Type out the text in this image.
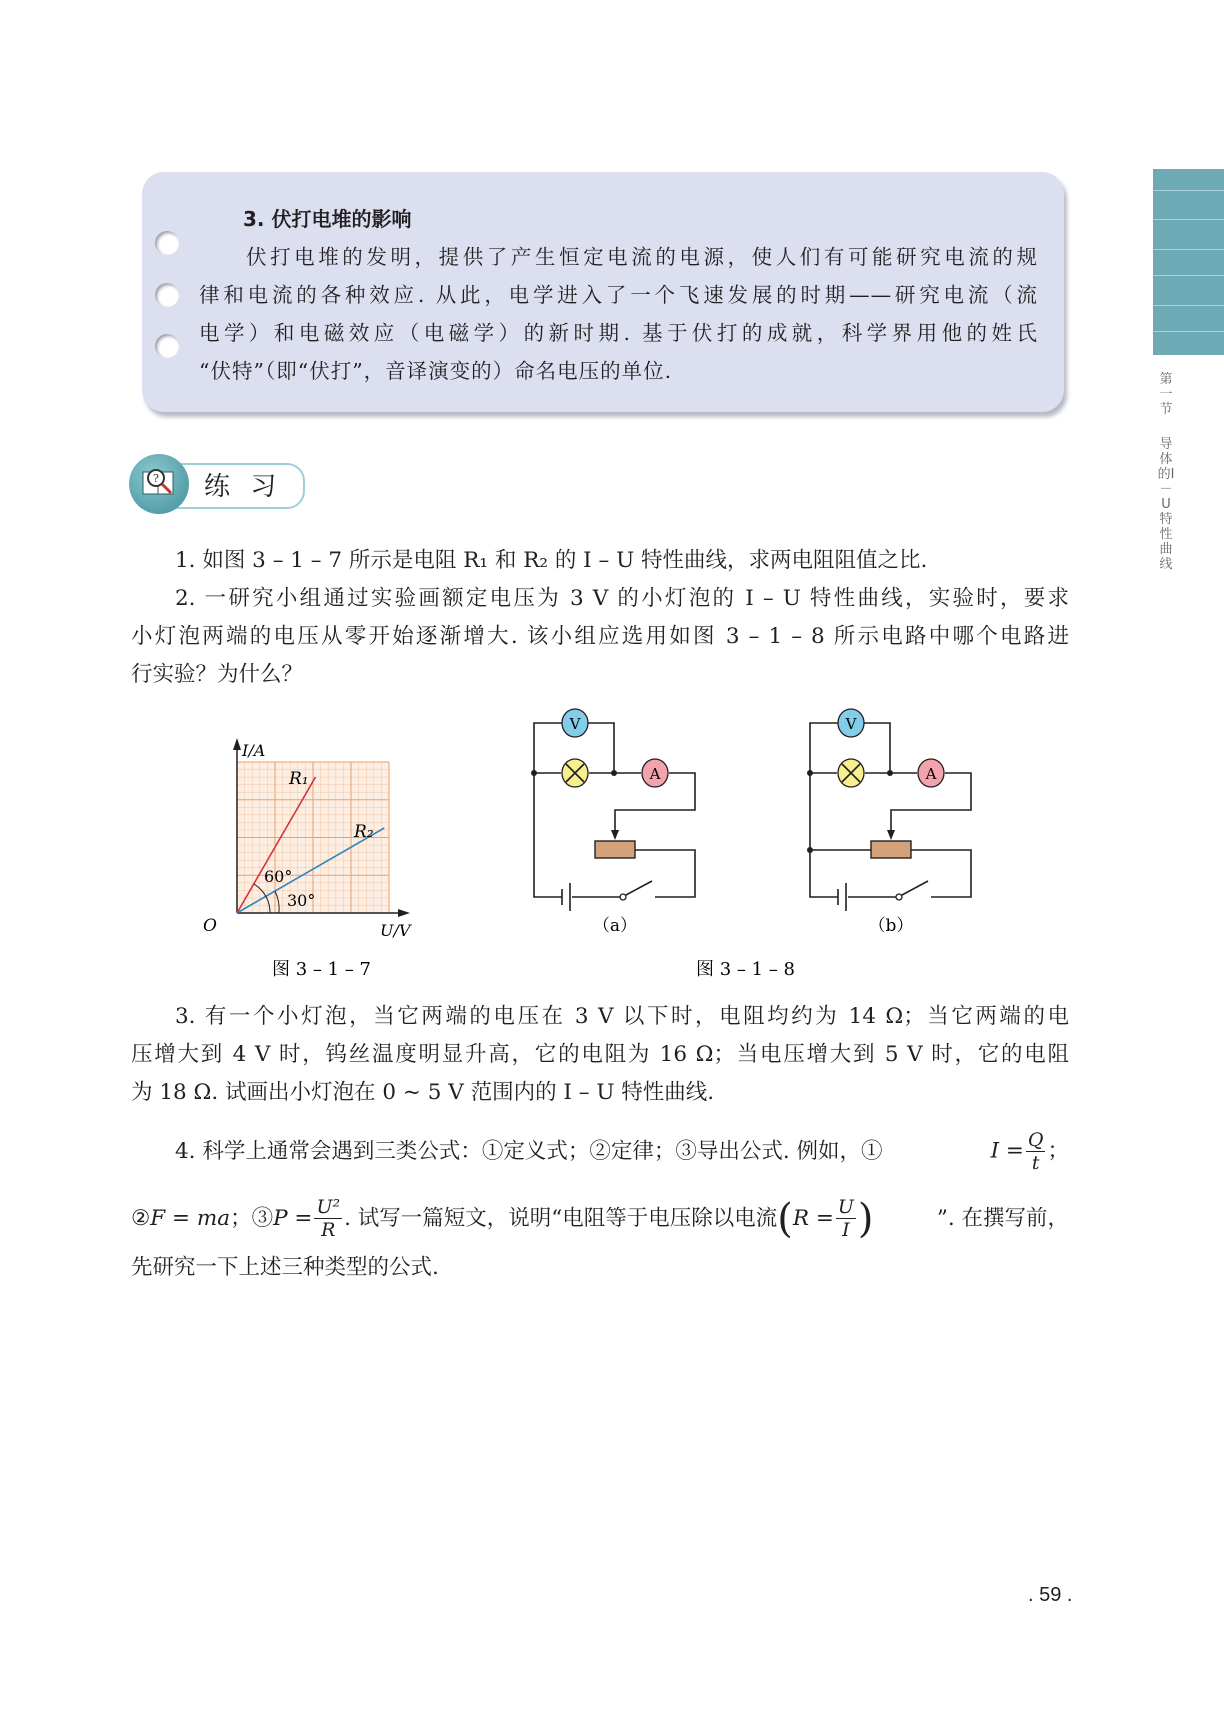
第一节
导体的I－U特性曲线
3. 伏打电堆的影响
伏打电堆的发明，提供了产生恒定电流的电源，使人们有可能研究电流的规
律和电流的各种效应. 从此，电学进入了一个飞速发展的时期——研究电流（流
电学）和电磁效应（电磁学）的新时期. 基于伏打的成就，科学界用他的姓氏
“伏特”（即“伏打”，音译演变的）命名电压的单位.
? 练 习
1. 如图 3 – 1 – 7 所示是电阻 R₁ 和 R₂ 的 I – U 特性曲线，求两电阻阻值之比.
2. 一研究小组通过实验画额定电压为 3 V 的小灯泡的 I – U 特性曲线，实验时，要求
小灯泡两端的电压从零开始逐渐增大. 该小组应选用如图 3 – 1 – 8 所示电路中哪个电路进
行实验？为什么？
I/A
U/V
O
R₁
R₂
60°
30°
图 3 – 1 – 7	图 3 – 1 – 8
V
A
（a）
V
A
（b）
3. 有一个小灯泡，当它两端的电压在 3 V 以下时，电阻均约为 14 Ω；当它两端的电
压增大到 4 V 时，钨丝温度明显升高，它的电阻为 16 Ω；当电压增大到 5 V 时，它的电阻
为 18 Ω. 试画出小灯泡在 0 ~ 5 V 范围内的 I – U 特性曲线.
4. 科学上通常会遇到三类公式：①定义式；②定律；③导出公式. 例如，①	$I = \frac{Q}{t}$ ；
② F = ma ；③ $P = \frac{\text{U²}}{R}$ . 试写一篇短文，说明“电阻等于电压除以电流 ( $R = \frac{U}{I}$ )	”. 在撰写前，
先研究一下上述三种类型的公式.
. 59 .
